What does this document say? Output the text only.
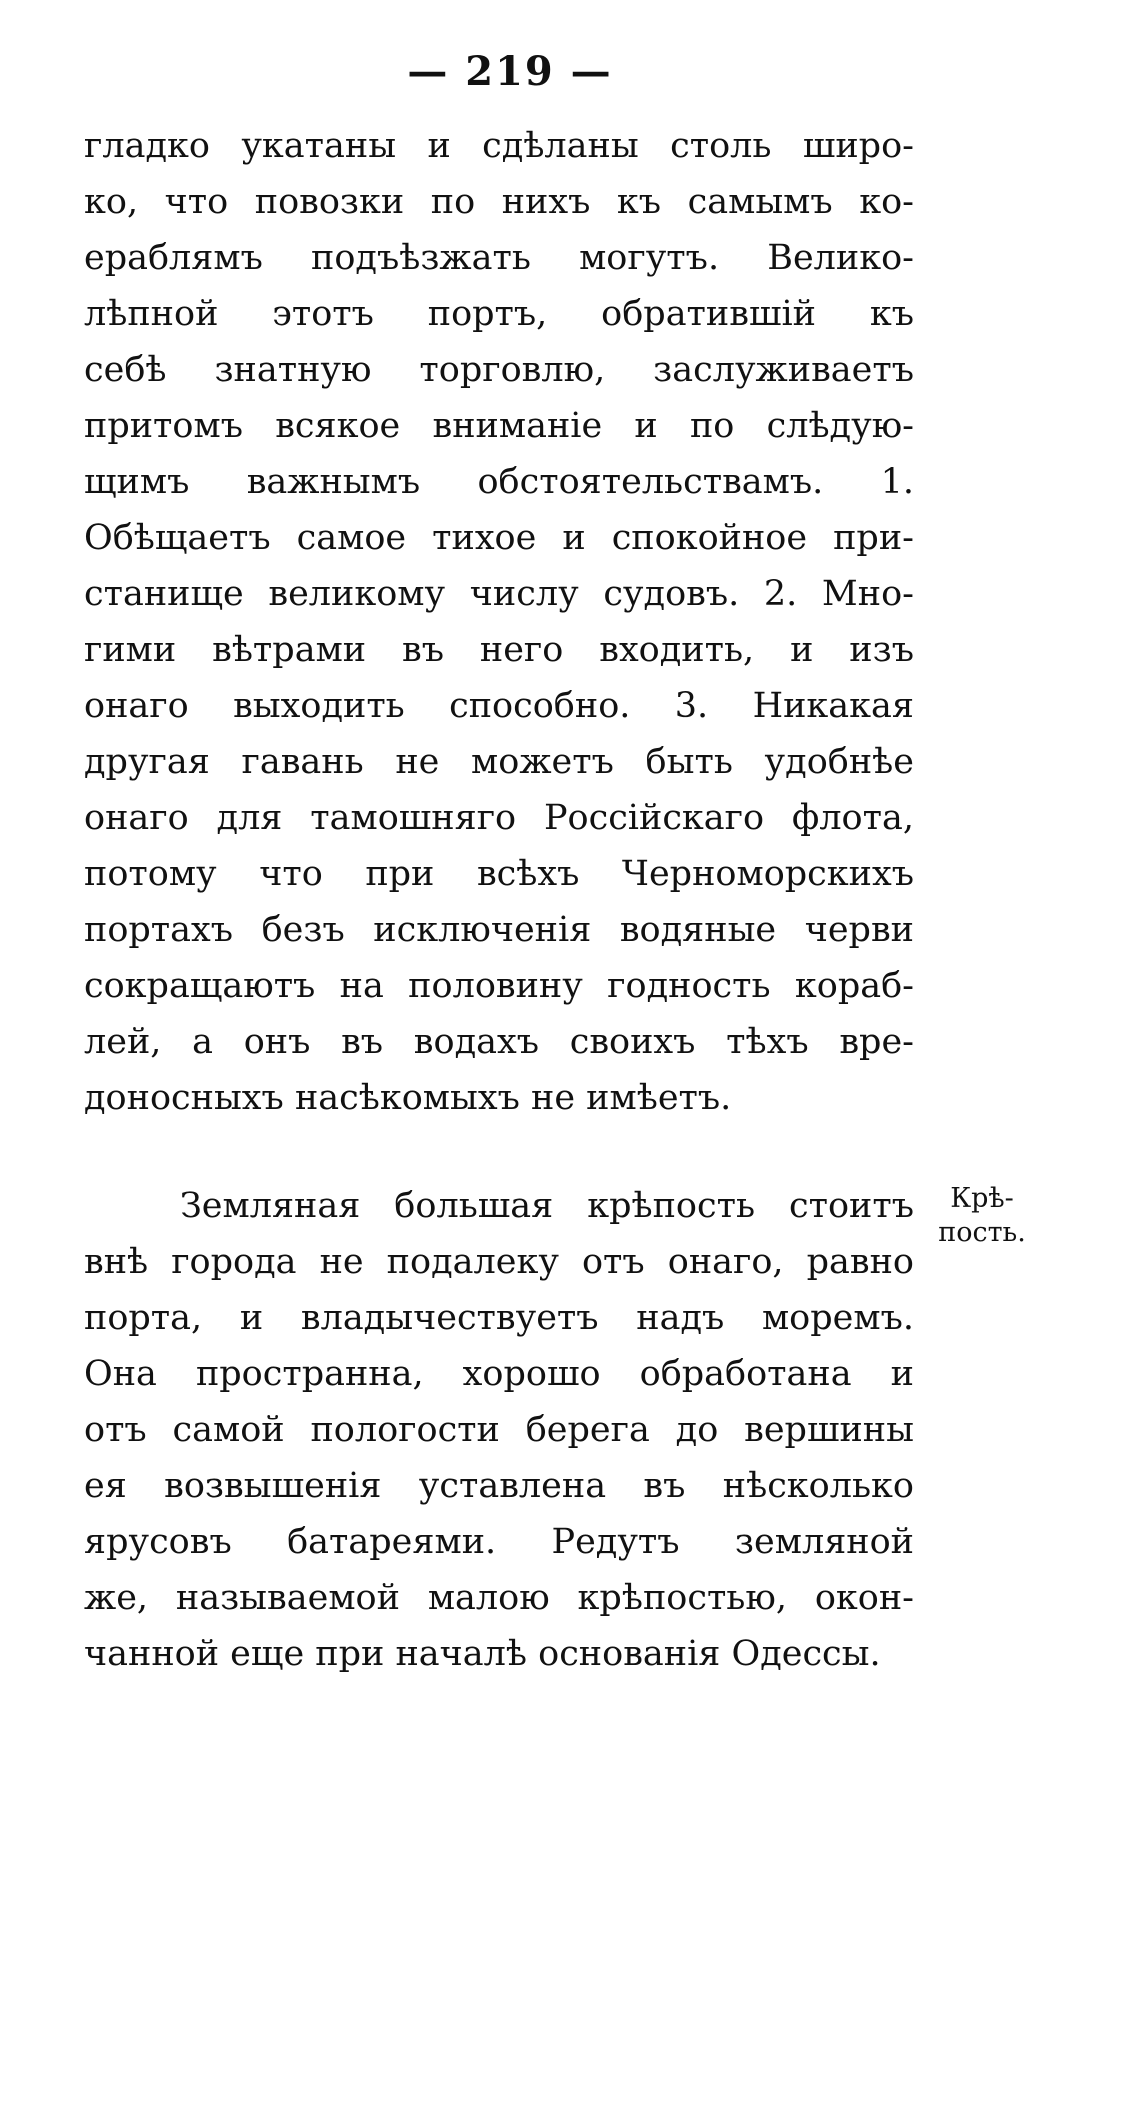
— 219 —
гладко укатаны и сдѣланы столь широ-
ко, что повозки по нихъ къ самымъ ко-
ераблямъ подъѣзжать могутъ. Велико-
лѣпной этотъ портъ, обратившій къ
себѣ знатную торговлю, заслуживаетъ
притомъ всякое вниманіе и по слѣдую-
щимъ важнымъ обстоятельствамъ. 1.
Обѣщаетъ самое тихое и спокойное при-
станище великому числу судовъ. 2. Мно-
гими вѣтрами въ него входить, и изъ
онаго выходить способно. 3. Никакая
другая гавань не можетъ быть удобнѣе
онаго для тамошняго Россійскаго флота,
потому что при всѣхъ Черноморскихъ
портахъ безъ исключенія водяные черви
сокращаютъ на половину годность кораб-
лей, а онъ въ водахъ своихъ тѣхъ вре-
доносныхъ насѣкомыхъ не имѣетъ.
Земляная большая крѣпость стоитъ
внѣ города не подалеку отъ онаго, равно
порта, и владычествуетъ надъ моремъ.
Она пространна, хорошо обработана и
отъ самой пологости берега до вершины
ея возвышенія уставлена въ нѣсколько
ярусовъ батареями. Редутъ земляной
же, называемой малою крѣпостью, окон-
чанной еще при началѣ основанія Одессы.
Крѣ-
пость.
